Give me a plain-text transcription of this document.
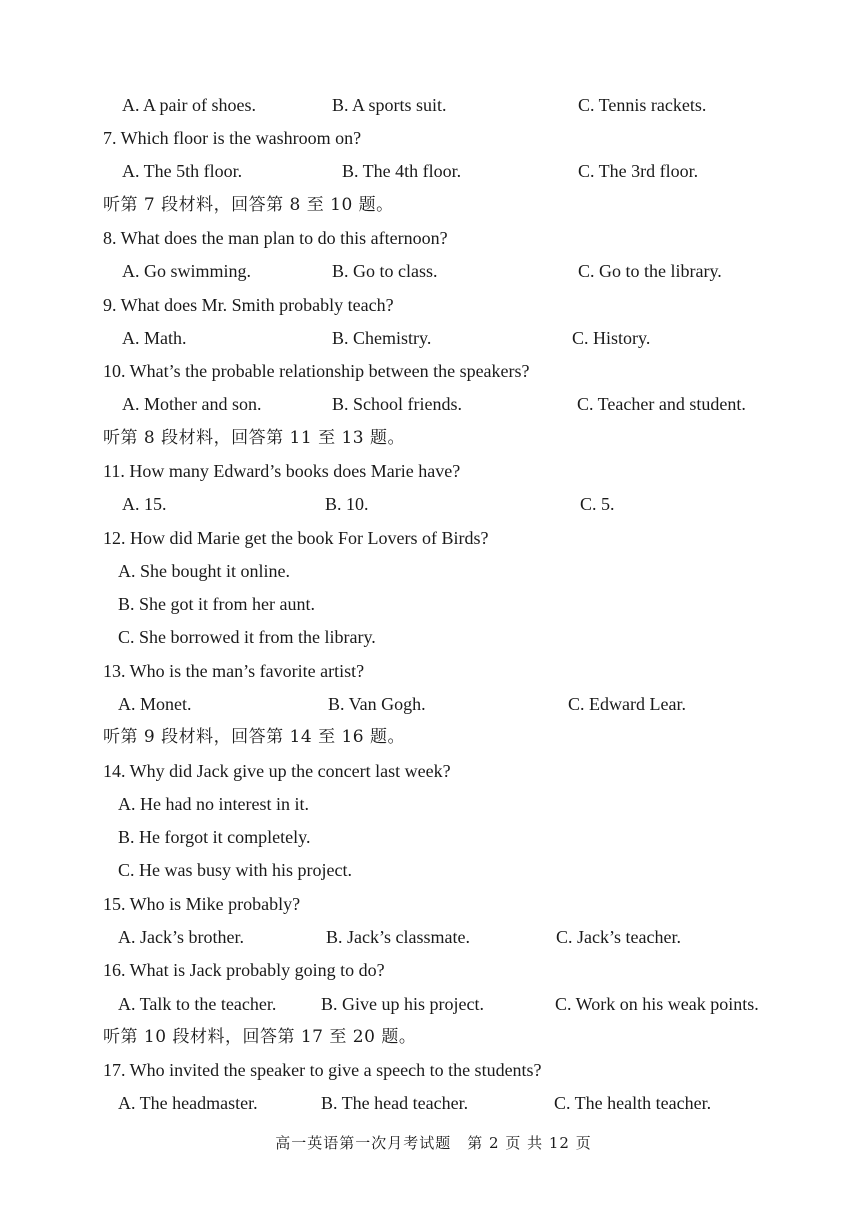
A. A pair of shoes.	B. A sports suit.	C. Tennis rackets.
7. Which floor is the washroom on?
A. The 5th floor.	B. The 4th floor.	C. The 3rd floor.
听第 7 段材料，回答第 8 至 10 题。
8. What does the man plan to do this afternoon?
A. Go swimming.	B. Go to class.	C. Go to the library.
9. What does Mr. Smith probably teach?
A. Math.	B. Chemistry.	C. History.
10. What’s the probable relationship between the speakers?
A. Mother and son.	B. School friends.	C. Teacher and student.
听第 8 段材料，回答第 11 至 13 题。
11. How many Edward’s books does Marie have?
A. 15.	B. 10.	C. 5.
12. How did Marie get the book For Lovers of Birds?
A. She bought it online.
B. She got it from her aunt.
C. She borrowed it from the library.
13. Who is the man’s favorite artist?
A. Monet.	B. Van Gogh.	C. Edward Lear.
听第 9 段材料，回答第 14 至 16 题。
14. Why did Jack give up the concert last week?
A. He had no interest in it.
B. He forgot it completely.
C. He was busy with his project.
15. Who is Mike probably?
A. Jack’s brother.	B. Jack’s classmate.	C. Jack’s teacher.
16. What is Jack probably going to do?
A. Talk to the teacher. B. Give up his project.	C. Work on his weak points.
听第 10 段材料，回答第 17 至 20 题。
17. Who invited the speaker to give a speech to the students?
A. The headmaster.	B. The head teacher.	C. The health teacher.
高一英语第一次月考试题　第 2 页 共 12 页
